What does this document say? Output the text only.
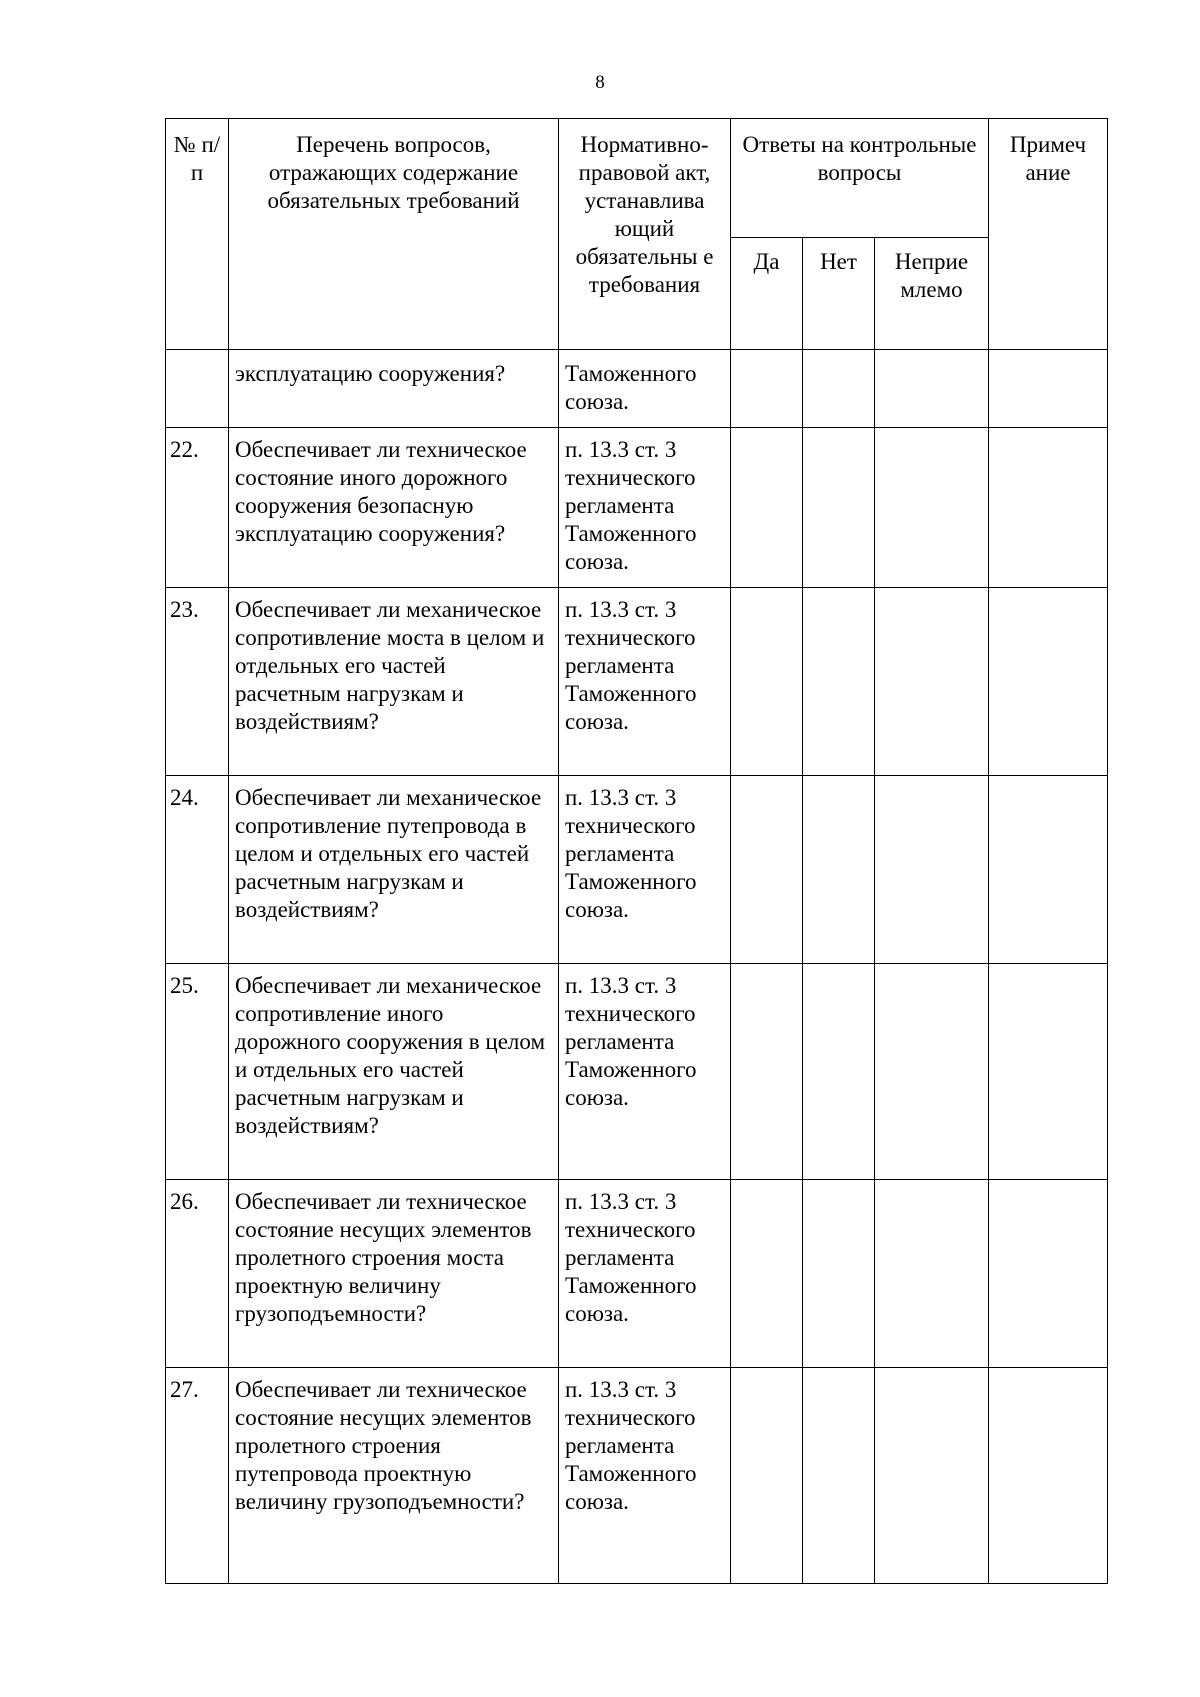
8
№ п/п	Перечень вопросов, отражающих содержание обязательных требований	Нормативно-правовой акт, устанавлива ющий обязательны е требования	Ответы на контрольные вопросы			Примеч ание
			Да	Нет	Неприе млемо	
	эксплуатацию сооружения?	Таможенного союза.				
22.	Обеспечивает ли техническое состояние иного дорожного сооружения безопасную эксплуатацию сооружения?	п. 13.3 ст. 3 технического регламента Таможенного союза.				
23.	Обеспечивает ли механическое сопротивление моста в целом и отдельных его частей расчетным нагрузкам и воздействиям?	п. 13.3 ст. 3 технического регламента Таможенного союза.				
24.	Обеспечивает ли механическое сопротивление путепровода в целом и отдельных его частей расчетным нагрузкам и воздействиям?	п. 13.3 ст. 3 технического регламента Таможенного союза.				
25.	Обеспечивает ли механическое сопротивление иного дорожного сооружения в целом и отдельных его частей расчетным нагрузкам и воздействиям?	п. 13.3 ст. 3 технического регламента Таможенного союза.				
26.	Обеспечивает ли техническое состояние несущих элементов пролетного строения моста проектную величину грузоподъемности?	п. 13.3 ст. 3 технического регламента Таможенного союза.				
27.	Обеспечивает ли техническое состояние несущих элементов пролетного строения путепровода проектную величину грузоподъемности?	п. 13.3 ст. 3 технического регламента Таможенного союза.				
